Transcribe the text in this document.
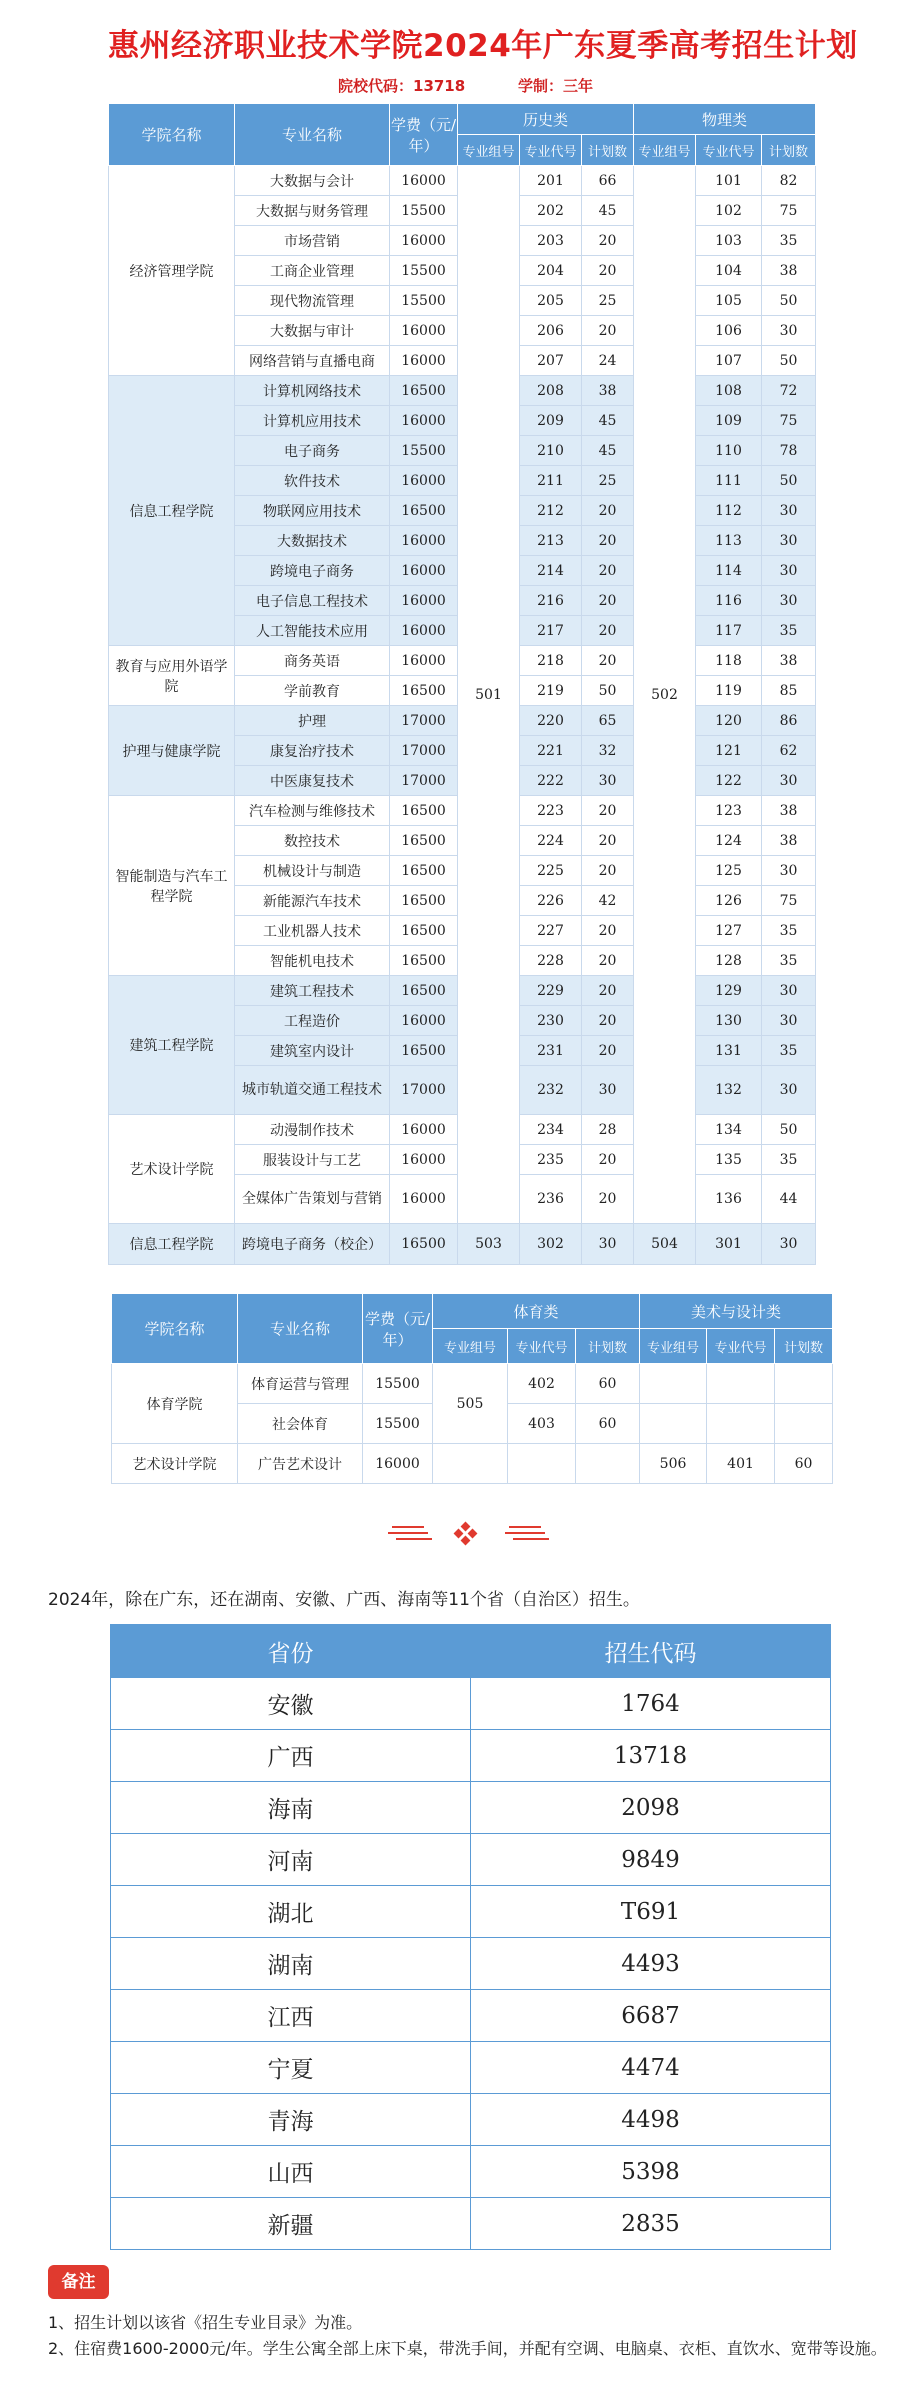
惠州经济职业技术学院2024年广东夏季高考招生计划
院校代码：13718	学制：三年
学院名称	专业名称	学费（元/年）	历史类			物理类		
			专业组号	专业代号	计划数	专业组号	专业代号	计划数
经济管理学院	大数据与会计	16000	501	201	66	502	101	82
	大数据与财务管理	15500		202	45		102	75
	市场营销	16000		203	20		103	35
	工商企业管理	15500		204	20		104	38
	现代物流管理	15500		205	25		105	50
	大数据与审计	16000		206	20		106	30
	网络营销与直播电商	16000		207	24		107	50
信息工程学院	计算机网络技术	16500		208	38		108	72
	计算机应用技术	16000		209	45		109	75
	电子商务	15500		210	45		110	78
	软件技术	16000		211	25		111	50
	物联网应用技术	16500		212	20		112	30
	大数据技术	16000		213	20		113	30
	跨境电子商务	16000		214	20		114	30
	电子信息工程技术	16000		216	20		116	30
	人工智能技术应用	16000		217	20		117	35
教育与应用外语学院	商务英语	16000		218	20		118	38
	学前教育	16500		219	50		119	85
护理与健康学院	护理	17000		220	65		120	86
	康复治疗技术	17000		221	32		121	62
	中医康复技术	17000		222	30		122	30
智能制造与汽车工程学院	汽车检测与维修技术	16500		223	20		123	38
	数控技术	16500		224	20		124	38
	机械设计与制造	16500		225	20		125	30
	新能源汽车技术	16500		226	42		126	75
	工业机器人技术	16500		227	20		127	35
	智能机电技术	16500		228	20		128	35
建筑工程学院	建筑工程技术	16500		229	20		129	30
	工程造价	16000		230	20		130	30
	建筑室内设计	16500		231	20		131	35
	城市轨道交通工程技术	17000		232	30		132	30
艺术设计学院	动漫制作技术	16000		234	28		134	50
	服装设计与工艺	16000		235	20		135	35
	全媒体广告策划与营销	16000		236	20		136	44
信息工程学院	跨境电子商务（校企）	16500	503	302	30	504	301	30
学院名称	专业名称	学费（元/年）	体育类			美术与设计类		
			专业组号	专业代号	计划数	专业组号	专业代号	计划数
体育学院	体育运营与管理	15500	505	402	60			
	社会体育	15500		403	60			
艺术设计学院	广告艺术设计	16000				506	401	60
2024年，除在广东，还在湖南、安徽、广西、海南等11个省（自治区）招生。
省份	招生代码
安徽	1764
广西	13718
海南	2098
河南	9849
湖北	T691
湖南	4493
江西	6687
宁夏	4474
青海	4498
山西	5398
新疆	2835
备注
1、招生计划以该省《招生专业目录》为准。
2、住宿费1600-2000元/年。学生公寓全部上床下桌，带洗手间，并配有空调、电脑桌、衣柜、直饮水、宽带等设施。
